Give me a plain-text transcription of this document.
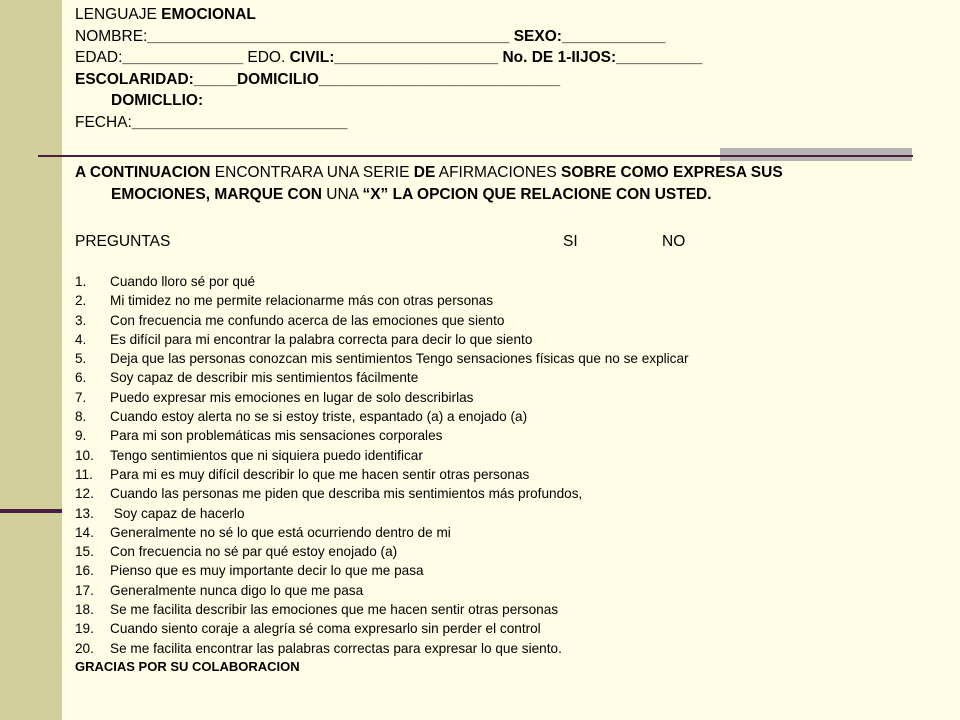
LENGUAJE EMOCIONAL
NOMBRE:__________________________________________ SEXO:____________
EDAD:______________ EDO. CIVIL:___________________ No. DE 1-IIJOS:__________
ESCOLARIDAD:_____DOMICILIO____________________________
DOMICLLIO:
FECHA:_________________________
A CONTINUACION ENCONTRARA UNA SERIE DE AFIRMACIONES SOBRE COMO EXPRESA SUS
EMOCIONES, MARQUE CON UNA “X” LA OPCION QUE RELACIONE CON USTED.
PREGUNTAS	SI	NO
1. Cuando lloro sé por qué
2. Mi timidez no me permite relacionarme más con otras personas
3. Con frecuencia me confundo acerca de las emociones que siento
4. Es difícil para mi encontrar la palabra correcta para decir lo que siento
5. Deja que las personas conozcan mis sentimientos Tengo sensaciones físicas que no se explicar
6. Soy capaz de describir mis sentimientos fácilmente
7. Puedo expresar mis emociones en lugar de solo describirlas
8. Cuando estoy alerta no se si estoy triste, espantado (a) a enojado (a)
9. Para mi son problemáticas mis sensaciones corporales
10. Tengo sentimientos que ni siquiera puedo identificar
11. Para mi es muy difícil describir lo que me hacen sentir otras personas
12. Cuando las personas me piden que describa mis sentimientos más profundos,
13. Soy capaz de hacerlo
14. Generalmente no sé lo que está ocurriendo dentro de mi
15. Con frecuencia no sé par qué estoy enojado (a)
16. Pienso que es muy importante decir lo que me pasa
17. Generalmente nunca digo lo que me pasa
18. Se me facilita describir las emociones que me hacen sentir otras personas
19. Cuando siento coraje a alegría sé coma expresarlo sin perder el control
20. Se me facilita encontrar las palabras correctas para expresar lo que siento.
GRACIAS POR SU COLABORACION
